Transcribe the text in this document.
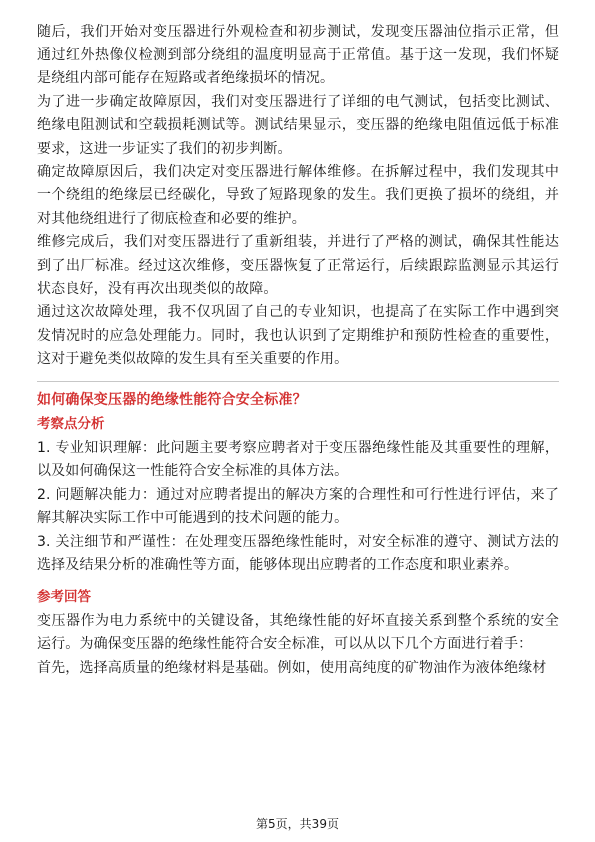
随后，我们开始对变压器进行外观检查和初步测试，发现变压器油位指示正常，但通过红外热像仪检测到部分绕组的温度明显高于正常值。基于这一发现，我们怀疑是绕组内部可能存在短路或者绝缘损坏的情况。

为了进一步确定故障原因，我们对变压器进行了详细的电气测试，包括变比测试、绝缘电阻测试和空载损耗测试等。测试结果显示，变压器的绝缘电阻值远低于标准要求，这进一步证实了我们的初步判断。

确定故障原因后，我们决定对变压器进行解体维修。在拆解过程中，我们发现其中一个绕组的绝缘层已经碳化，导致了短路现象的发生。我们更换了损坏的绕组，并对其他绕组进行了彻底检查和必要的维护。

维修完成后，我们对变压器进行了重新组装，并进行了严格的测试，确保其性能达到了出厂标准。经过这次维修，变压器恢复了正常运行，后续跟踪监测显示其运行状态良好，没有再次出现类似的故障。

通过这次故障处理，我不仅巩固了自己的专业知识，也提高了在实际工作中遇到突发情况时的应急处理能力。同时，我也认识到了定期维护和预防性检查的重要性，这对于避免类似故障的发生具有至关重要的作用。

如何确保变压器的绝缘性能符合安全标准？
考察点分析

1. 专业知识理解：此问题主要考察应聘者对于变压器绝缘性能及其重要性的理解，以及如何确保这一性能符合安全标准的具体方法。

2. 问题解决能力：通过对应聘者提出的解决方案的合理性和可行性进行评估，来了解其解决实际工作中可能遇到的技术问题的能力。

3. 关注细节和严谨性：在处理变压器绝缘性能时，对安全标准的遵守、测试方法的选择及结果分析的准确性等方面，能够体现出应聘者的工作态度和职业素养。

参考回答

变压器作为电力系统中的关键设备，其绝缘性能的好坏直接关系到整个系统的安全运行。为确保变压器的绝缘性能符合安全标准，可以从以下几个方面进行着手：

首先，选择高质量的绝缘材料是基础。例如，使用高纯度的矿物油作为液体绝缘材

第5页，共39页
